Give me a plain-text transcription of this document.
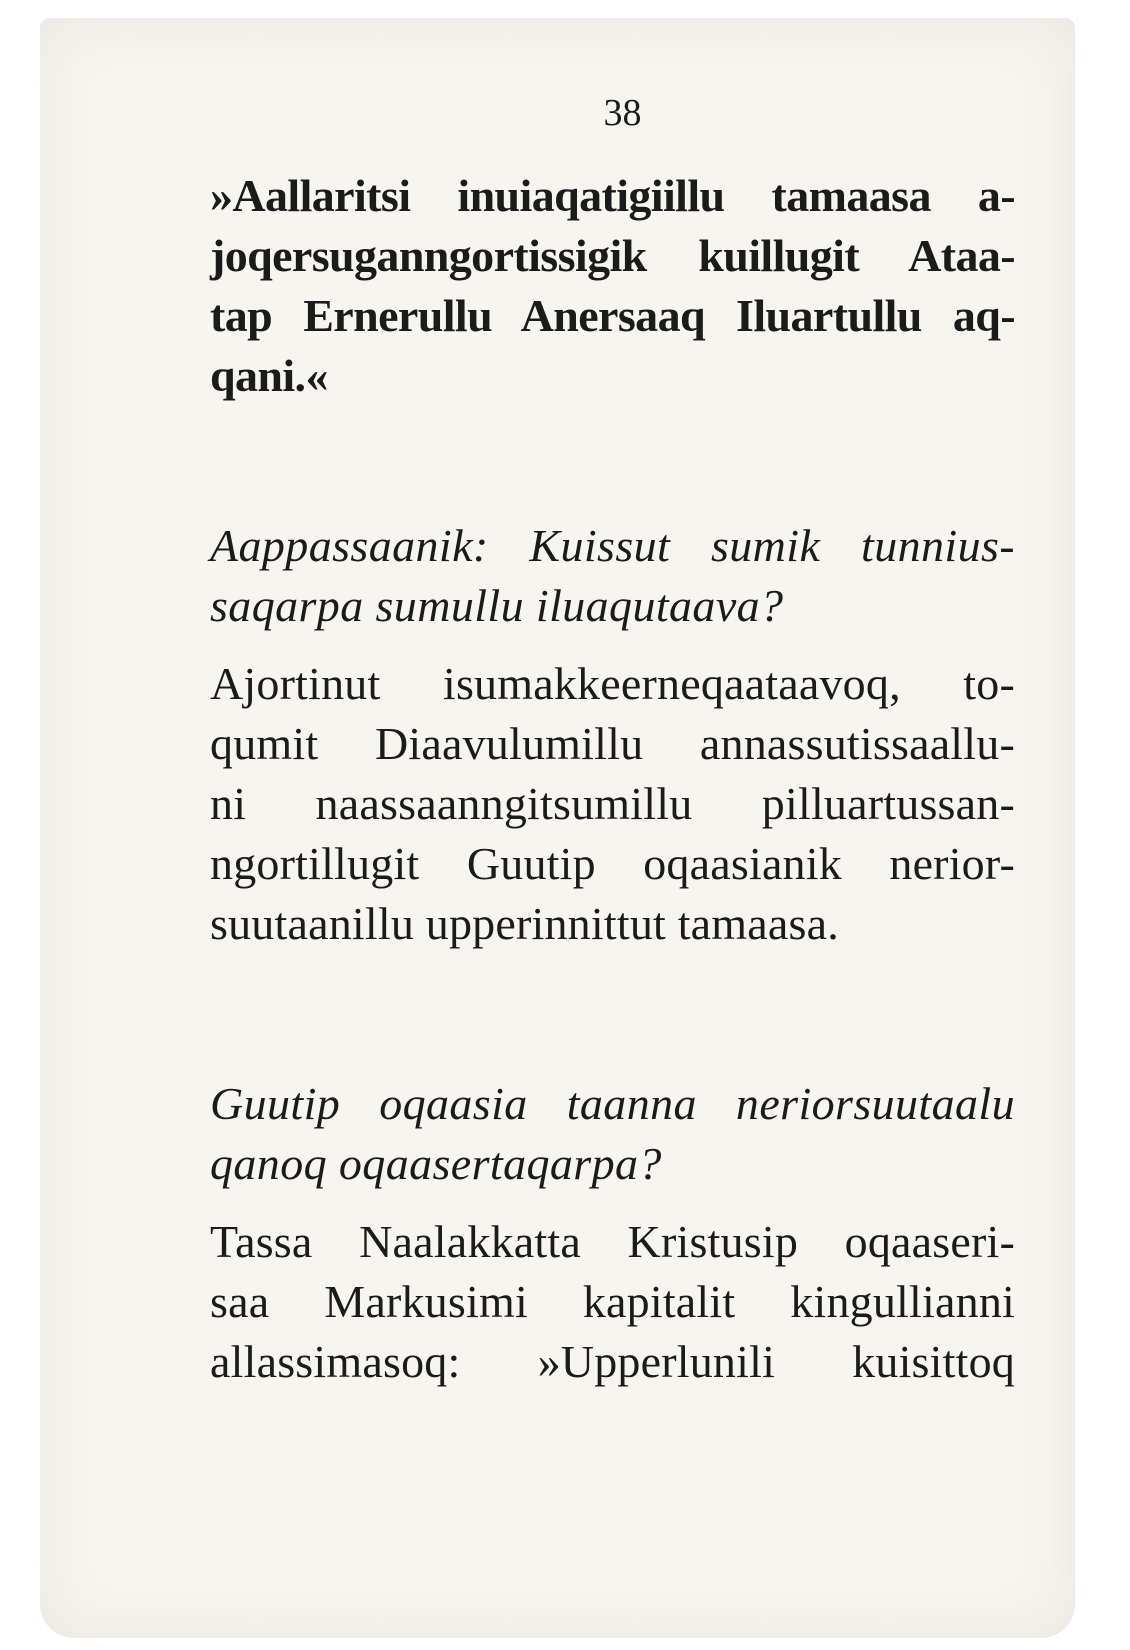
38
»Aallaritsi inuiaqatigiillu tamaasa a-
joqersuganngortissigik kuillugit Ataa-
tap Ernerullu Anersaaq Iluartullu aq-
qani.«
Aappassaanik: Kuissut sumik tunnius-
saqarpa sumullu iluaqutaava?
Ajortinut isumakkeerneqaataavoq, to-
qumit Diaavulumillu annassutissaallu-
ni naassaanngitsumillu pilluartussan-
ngortillugit Guutip oqaasianik nerior-
suutaanillu upperinnittut tamaasa.
Guutip oqaasia taanna neriorsuutaalu
qanoq oqaasertaqarpa?
Tassa Naalakkatta Kristusip oqaaseri-
saa Markusimi kapitalit kingullianni
allassimasoq: »Upperlunili kuisittoq
